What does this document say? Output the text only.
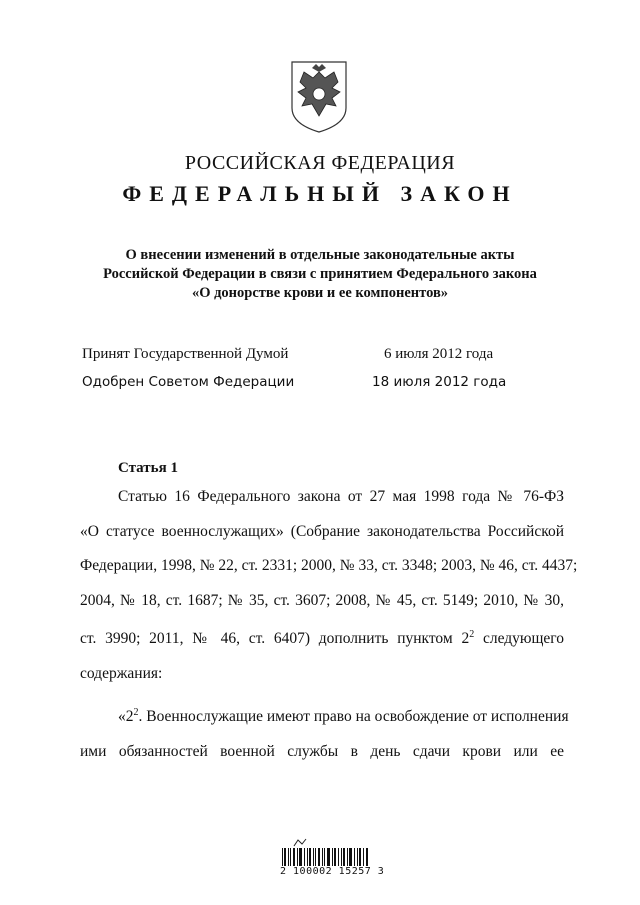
РОССИЙСКАЯ ФЕДЕРАЦИЯ
ФЕДЕРАЛЬНЫЙ ЗАКОН
О внесении изменений в отдельные законодательные акты
Российской Федерации в связи с принятием Федерального закона
«О донорстве крови и ее компонентов»
Принят Государственной Думой	6 июля 2012 года
Одобрен Советом Федерации	18 июля 2012 года
Статья 1
Статью 16 Федерального закона от 27 мая 1998 года № 76-ФЗ
«О статусе военнослужащих» (Собрание законодательства Российской
Федерации, 1998, № 22, ст. 2331; 2000, № 33, ст. 3348; 2003, № 46, ст. 4437;
2004, № 18, ст. 1687; № 35, ст. 3607; 2008, № 45, ст. 5149; 2010, № 30,
ст. 3990; 2011, № 46, ст. 6407) дополнить пунктом $2^2$ следующего
содержания:
«$2^2$. Военнослужащие имеют право на освобождение от исполнения
ими обязанностей военной службы в день сдачи крови или ее
2 100002 15257 3
